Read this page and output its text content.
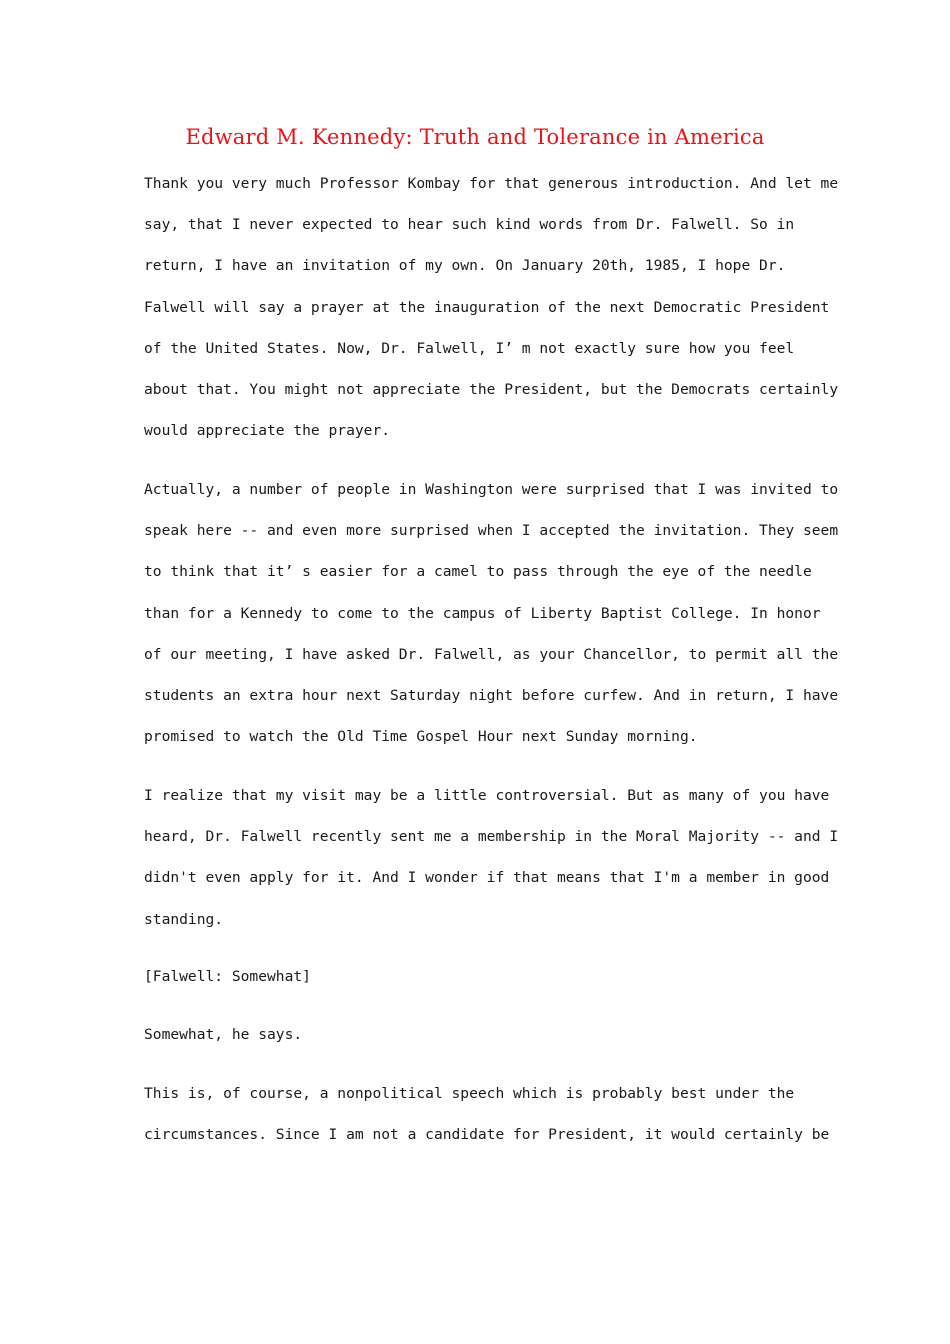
Edward M. Kennedy: Truth and Tolerance in America
Thank you very much Professor Kombay for that generous introduction. And let me
say, that I never expected to hear such kind words from Dr. Falwell. So in
return, I have an invitation of my own. On January 20th, 1985, I hope Dr.
Falwell will say a prayer at the inauguration of the next Democratic President
of the United States. Now, Dr. Falwell, I’ m not exactly sure how you feel
about that. You might not appreciate the President, but the Democrats certainly
would appreciate the prayer.
Actually, a number of people in Washington were surprised that I was invited to
speak here -- and even more surprised when I accepted the invitation. They seem
to think that it’ s easier for a camel to pass through the eye of the needle
than for a Kennedy to come to the campus of Liberty Baptist College. In honor
of our meeting, I have asked Dr. Falwell, as your Chancellor, to permit all the
students an extra hour next Saturday night before curfew. And in return, I have
promised to watch the Old Time Gospel Hour next Sunday morning.
I realize that my visit may be a little controversial. But as many of you have
heard, Dr. Falwell recently sent me a membership in the Moral Majority -- and I
didn't even apply for it. And I wonder if that means that I'm a member in good
standing.
[Falwell: Somewhat]
Somewhat, he says.
This is, of course, a nonpolitical speech which is probably best under the
circumstances. Since I am not a candidate for President, it would certainly be
